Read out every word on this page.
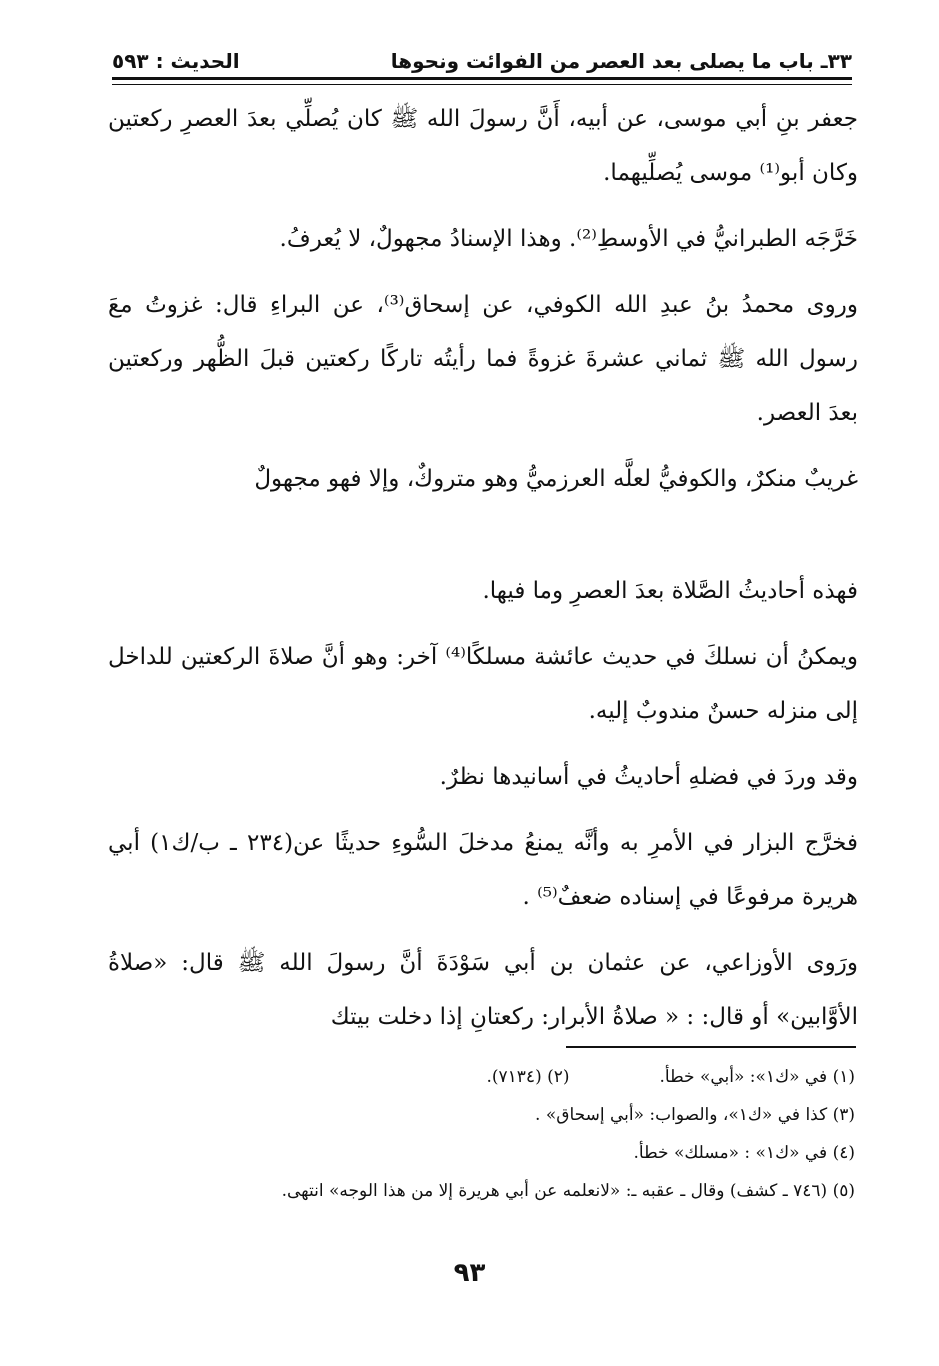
٣٣ـ باب ما يصلى بعد العصر من الفوائت ونحوها
الحديث : ٥٩٣

جعفر بنِ أبي موسى، عن أبيه، أَنَّ رسولَ الله ﷺ كان يُصلِّي بعدَ العصرِ ركعتين وكان أبو⁽¹⁾ موسى يُصلِّيهما.

خَرَّجَه الطبرانيُّ في الأوسطِ⁽²⁾. وهذا الإسنادُ مجهولٌ، لا يُعرفُ.

وروى محمدُ بنُ عبدِ الله الكوفي، عن إسحاق⁽³⁾، عن البراءِ قال: غزوتُ معَ رسول الله ﷺ ثماني عشرةَ غزوةً فما رأيتُه تاركًا ركعتين قبلَ الظُّهر وركعتين بعدَ العصر.

غريبٌ منكرٌ، والكوفيُّ لعلَّه العرزميُّ وهو متروكٌ، وإلا فهو مجهولٌ

فهذه أحاديثُ الصَّلاة بعدَ العصرِ وما فيها.

ويمكنُ أن نسلكَ في حديث عائشة مسلكًا⁽⁴⁾ آخر: وهو أنَّ صلاةَ الركعتين للداخل إلى منزله حسنٌ مندوبٌ إليه.

وقد وردَ في فضلهِ أحاديثُ في أسانيدها نظرٌ.

فخرَّج البزار في الأمرِ به وأنَّه يمنعُ مدخلَ السُّوءِ حديثًا عن(٢٣٤ ـ ب/ك١) أبي هريرة مرفوعًا في إسناده ضعفٌ⁽⁵⁾ .

ورَوى الأوزاعي، عن عثمان بن أبي سَوْدَةَ أنَّ رسولَ الله ﷺ قال: «صلاةُ الأوَّابين» أو قال: : « صلاةُ الأبرار: ركعتانِ إذا دخلت بيتك

(١) في «ك١»: «أبي» خطأ.
(٢) (٧١٣٤).
(٣) كذا في «ك١»، والصواب: «أبي إسحاق» .
(٤) في «ك١» : «مسلك» خطأ.
(٥) (٧٤٦ ـ كشف) وقال ـ عقبه ـ: «لانعلمه عن أبي هريرة إلا من هذا الوجه» انتهى.
٩٣
